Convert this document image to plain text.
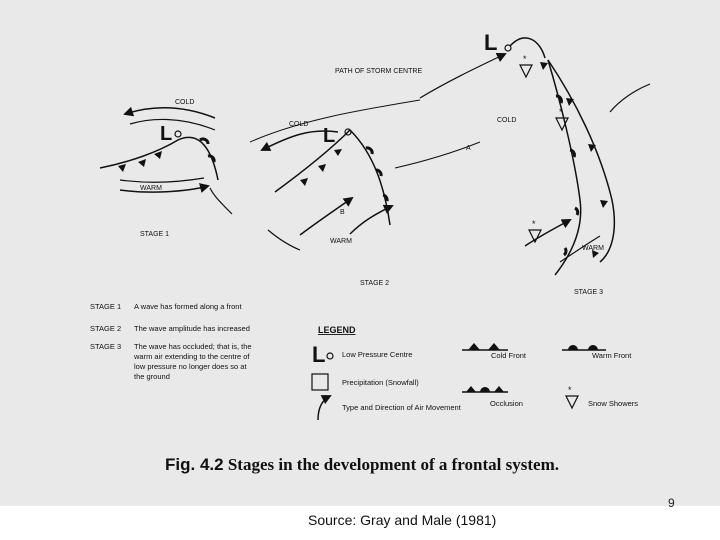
L
COLD
WARM
STAGE 1
L
COLD
WARM
A
B
STAGE 2
PATH OF STORM CENTRE
*
*
*
L
COLD
WARM
STAGE 3
LEGEND
L Low Pressure Centre
Precipitation (Snowfall)
Type and Direction of Air Movement
Cold Front	Warm Front
Occlusion
*
Snow Showers
STAGE 1 A wave has formed along a front
STAGE 2 The wave amplitude has increased
STAGE 3 The wave has occluded; that is, the warm air extending to the centre of low pressure no longer does so at the ground
Fig. 4.2 Stages in the development of a frontal system.
9
Source: Gray and Male (1981)
